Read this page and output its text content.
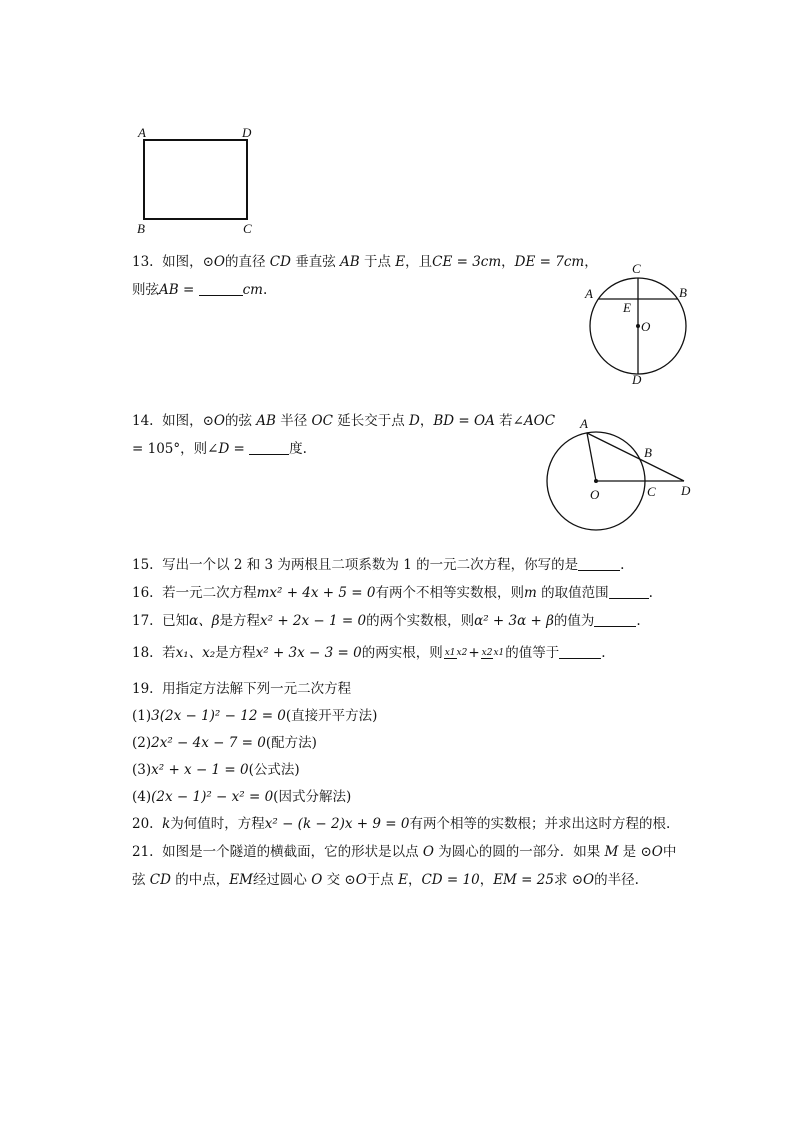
A	D
B	C
13. 如图，⊙O的直径 CD 垂直弦 AB 于点 E，且CE = 3cm，DE = 7cm，
则弦AB =	cm.
C
A	B
E
O
D
14. 如图，⊙O的弦 AB 半径 OC 延长交于点 D，BD = OA 若∠AOC
= 105°，则∠D =	度.
A
B
O	C D
15. 写出一个以 2 和 3 为两根且二项系数为 1 的一元二次方程，你写的是	.
16. 若一元二次方程mx² + 4x + 5 = 0有两个不相等实数根，则m 的取值范围	.
17. 已知α、β是方程x² + 2x − 1 = 0的两个实数根，则α² + 3α + β的值为	.
18. 若x₁、x₂是方程x² + 3x − 3 = 0的两实根，则 x1x2+ x2x1的值等于	.
19. 用指定方法解下列一元二次方程
(1)3(2x − 1)² − 12 = 0(直接开平方法)
(2)2x² − 4x − 7 = 0(配方法)
(3)x² + x − 1 = 0(公式法)
(4)(2x − 1)² − x² = 0(因式分解法)
20. k为何值时，方程x² − (k − 2)x + 9 = 0有两个相等的实数根；并求出这时方程的根.
21. 如图是一个隧道的横截面，它的形状是以点 O 为圆心的圆的一部分．如果 M 是 ⊙O中
弦 CD 的中点，EM经过圆心 O 交 ⊙O于点 E，CD = 10，EM = 25求 ⊙O的半径.
